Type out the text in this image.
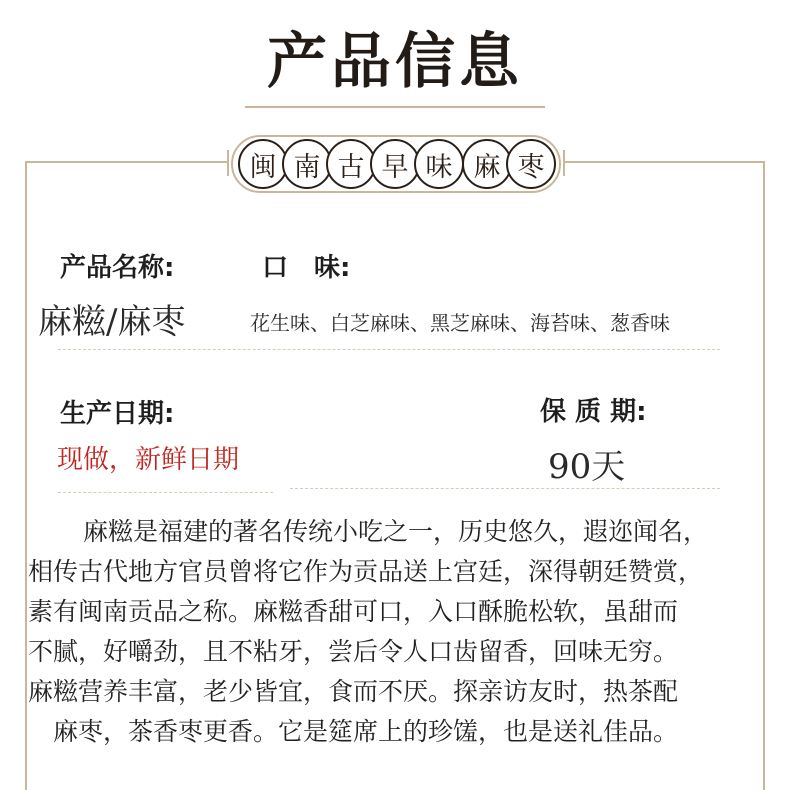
产品信息
闽 南 古 早 味 麻 枣
产品名称:	口　味:
麻糍/麻枣	花生味、白芝麻味、黑芝麻味、海苔味、葱香味
生产日期:	保 质 期:
现做，新鲜日期	90天

　麻糍是福建的著名传统小吃之一，历史悠久，遐迩闻名，

相传古代地方官员曾将它作为贡品送上宫廷，深得朝廷赞赏，

素有闽南贡品之称。麻糍香甜可口，入口酥脆松软，虽甜而

不腻，好嚼劲，且不粘牙，尝后令人口齿留香，回味无穷。

麻糍营养丰富，老少皆宜，食而不厌。探亲访友时，热茶配

　麻枣，茶香枣更香。它是筵席上的珍馐，也是送礼佳品。
